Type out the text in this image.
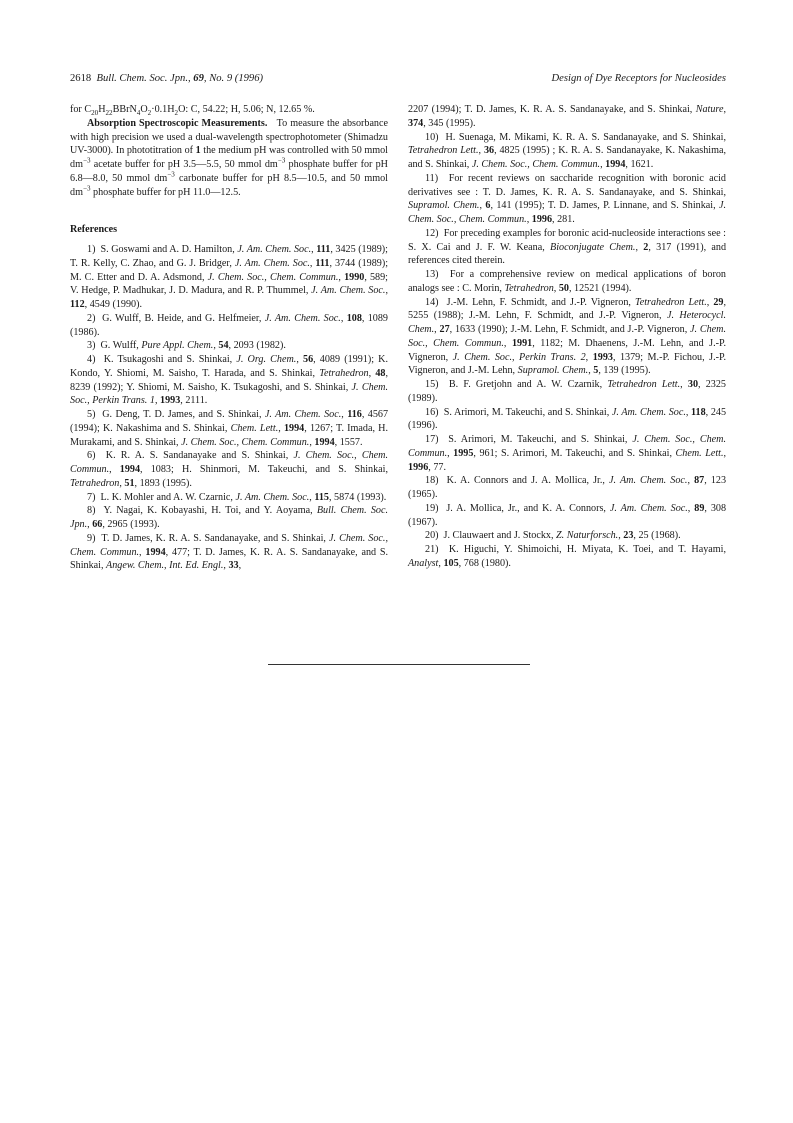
2618 Bull. Chem. Soc. Jpn., 69, No. 9 (1996)	Design of Dye Receptors for Nucleosides

for $C_{20}H_{22}BBrN_4O_2\cdot 0.1H_2O$: C, 54.22; H, 5.06; N, 12.65 %.

Absorption Spectroscopic Measurements.   To measure the absorbance with high precision we used a dual-wavelength spectrophotometer (Shimadzu UV-3000). In phototitration of 1 the medium pH was controlled with 50 mmol $dm^{-3}$ acetate buffer for pH 3.5—5.5, 50 mmol $dm^{-3}$ phosphate buffer for pH 6.8—8.0, 50 mmol $dm^{-3}$ carbonate buffer for pH 8.5—10.5, and 50 mmol $dm^{-3}$ phosphate buffer for pH 11.0—12.5.

References

1)  S. Goswami and A. D. Hamilton, J. Am. Chem. Soc., 111, 3425 (1989); T. R. Kelly, C. Zhao, and G. J. Bridger, J. Am. Chem. Soc., 111, 3744 (1989); M. C. Etter and D. A. Adsmond, J. Chem. Soc., Chem. Commun., 1990, 589; V. Hedge, P. Madhukar, J. D. Madura, and R. P. Thummel, J. Am. Chem. Soc., 112, 4549 (1990).

2)  G. Wulff, B. Heide, and G. Helfmeier, J. Am. Chem. Soc., 108, 1089 (1986).

3)  G. Wulff, Pure Appl. Chem., 54, 2093 (1982).

4)  K. Tsukagoshi and S. Shinkai, J. Org. Chem., 56, 4089 (1991); K. Kondo, Y. Shiomi, M. Saisho, T. Harada, and S. Shinkai, Tetrahedron, 48, 8239 (1992); Y. Shiomi, M. Saisho, K. Tsukagoshi, and S. Shinkai, J. Chem. Soc., Perkin Trans. 1, 1993, 2111.

5)  G. Deng, T. D. James, and S. Shinkai, J. Am. Chem. Soc., 116, 4567 (1994); K. Nakashima and S. Shinkai, Chem. Lett., 1994, 1267; T. Imada, H. Murakami, and S. Shinkai, J. Chem. Soc., Chem. Commun., 1994, 1557.

6)  K. R. A. S. Sandanayake and S. Shinkai, J. Chem. Soc., Chem. Commun., 1994, 1083; H. Shinmori, M. Takeuchi, and S. Shinkai, Tetrahedron, 51, 1893 (1995).

7)  L. K. Mohler and A. W. Czarnic, J. Am. Chem. Soc., 115, 5874 (1993).

8)  Y. Nagai, K. Kobayashi, H. Toi, and Y. Aoyama, Bull. Chem. Soc. Jpn., 66, 2965 (1993).

9)  T. D. James, K. R. A. S. Sandanayake, and S. Shinkai, J. Chem. Soc., Chem. Commun., 1994, 477; T. D. James, K. R. A. S. Sandanayake, and S. Shinkai, Angew. Chem., Int. Ed. Engl., 33,

2207 (1994); T. D. James, K. R. A. S. Sandanayake, and S. Shinkai, Nature, 374, 345 (1995).

10)  H. Suenaga, M. Mikami, K. R. A. S. Sandanayake, and S. Shinkai, Tetrahedron Lett., 36, 4825 (1995) ; K. R. A. S. Sandanayake, K. Nakashima, and S. Shinkai, J. Chem. Soc., Chem. Commun., 1994, 1621.

11)  For recent reviews on saccharide recognition with boronic acid derivatives see : T. D. James, K. R. A. S. Sandanayake, and S. Shinkai, Supramol. Chem., 6, 141 (1995); T. D. James, P. Linnane, and S. Shinkai, J. Chem. Soc., Chem. Commun., 1996, 281.

12)  For preceding examples for boronic acid-nucleoside interactions see : S. X. Cai and J. F. W. Keana, Bioconjugate Chem., 2, 317 (1991), and references cited therein.

13)  For a comprehensive review on medical applications of boron analogs see : C. Morin, Tetrahedron, 50, 12521 (1994).

14)  J.-M. Lehn, F. Schmidt, and J.-P. Vigneron, Tetrahedron Lett., 29, 5255 (1988); J.-M. Lehn, F. Schmidt, and J.-P. Vigneron, J. Heterocycl. Chem., 27, 1633 (1990); J.-M. Lehn, F. Schmidt, and J.-P. Vigneron, J. Chem. Soc., Chem. Commun., 1991, 1182; M. Dhaenens, J.-M. Lehn, and J.-P. Vigneron, J. Chem. Soc., Perkin Trans. 2, 1993, 1379; M.-P. Fichou, J.-P. Vigneron, and J.-M. Lehn, Supramol. Chem., 5, 139 (1995).

15)  B. F. Gretjohn and A. W. Czarnik, Tetrahedron Lett., 30, 2325 (1989).

16)  S. Arimori, M. Takeuchi, and S. Shinkai, J. Am. Chem. Soc., 118, 245 (1996).

17)  S. Arimori, M. Takeuchi, and S. Shinkai, J. Chem. Soc., Chem. Commun., 1995, 961; S. Arimori, M. Takeuchi, and S. Shinkai, Chem. Lett., 1996, 77.

18)  K. A. Connors and J. A. Mollica, Jr., J. Am. Chem. Soc., 87, 123 (1965).

19)  J. A. Mollica, Jr., and K. A. Connors, J. Am. Chem. Soc., 89, 308 (1967).

20)  J. Clauwaert and J. Stockx, Z. Naturforsch., 23, 25 (1968).

21)  K. Higuchi, Y. Shimoichi, H. Miyata, K. Toei, and T. Hayami, Analyst, 105, 768 (1980).
